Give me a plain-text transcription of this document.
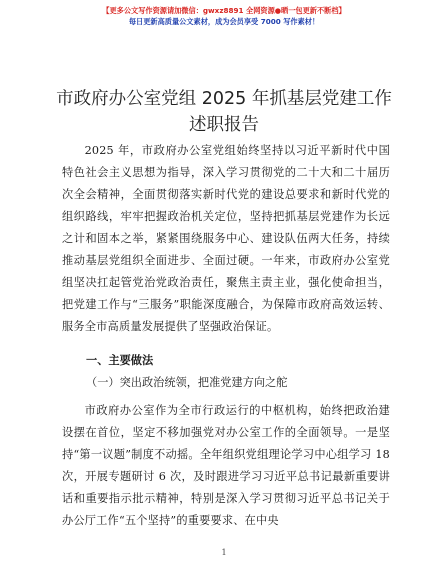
【更多公文写作资源请加微信：gwxz8891 全网资源●晒一包更新不断档】
每日更新高质量公文素材，成为会员享受 7000 写作素材！
市政府办公室党组 2025 年抓基层党建工作述职报告
2025 年，市政府办公室党组始终坚持以习近平新时代中国特色社会主义思想为指导，深入学习贯彻党的二十大和二十届历次全会精神，全面贯彻落实新时代党的建设总要求和新时代党的组织路线，牢牢把握政治机关定位，坚持把抓基层党建作为长远之计和固本之举，紧紧围绕服务中心、建设队伍两大任务，持续推动基层党组织全面进步、全面过硬。一年来，市政府办公室党组坚决扛起管党治党政治责任，聚焦主责主业，强化使命担当，把党建工作与“三服务”职能深度融合，为保障市政府高效运转、服务全市高质量发展提供了坚强政治保证。
一、主要做法
（一）突出政治统领，把准党建方向之舵
市政府办公室作为全市行政运行的中枢机构，始终把政治建设摆在首位，坚定不移加强党对办公室工作的全面领导。一是坚持“第一议题”制度不动摇。全年组织党组理论学习中心组学习 18 次，开展专题研讨 6 次，及时跟进学习习近平总书记最新重要讲话和重要指示批示精神，特别是深入学习贯彻习近平总书记关于办公厅工作“五个坚持”的重要要求、在中央
1
